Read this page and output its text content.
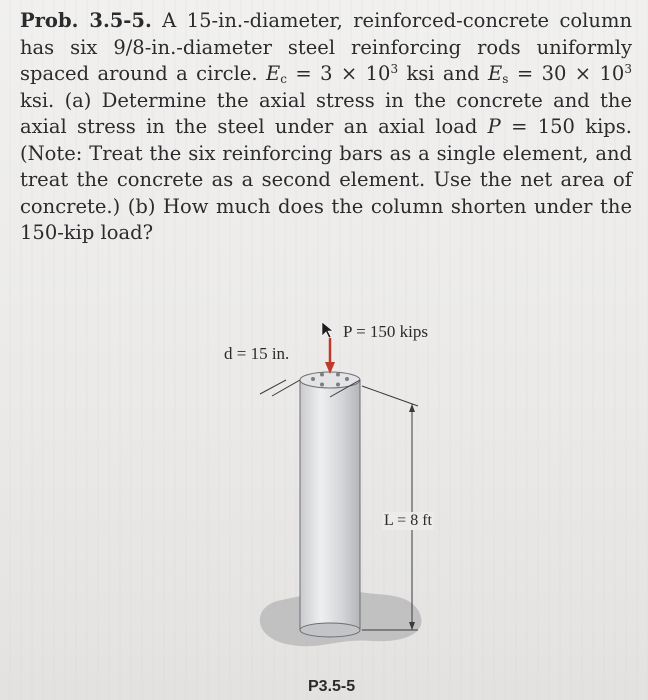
Prob. 3.5-5. A 15-in.-diameter, reinforced-concrete column has six 9/8-in.-diameter steel reinforcing rods uniformly spaced around a circle. $E_c = 3 \times 10^3$ ksi and $E_s = 30 \times 10^3$ ksi. (a) Determine the axial stress in the concrete and the axial stress in the steel under an axial load P = 150 kips. (Note: Treat the six reinforcing bars as a single element, and treat the concrete as a second element. Use the net area of concrete.) (b) How much does the column shorten under the 150-kip load?

P = 150 kips
d = 15 in.
L = 8 ft
P3.5-5
